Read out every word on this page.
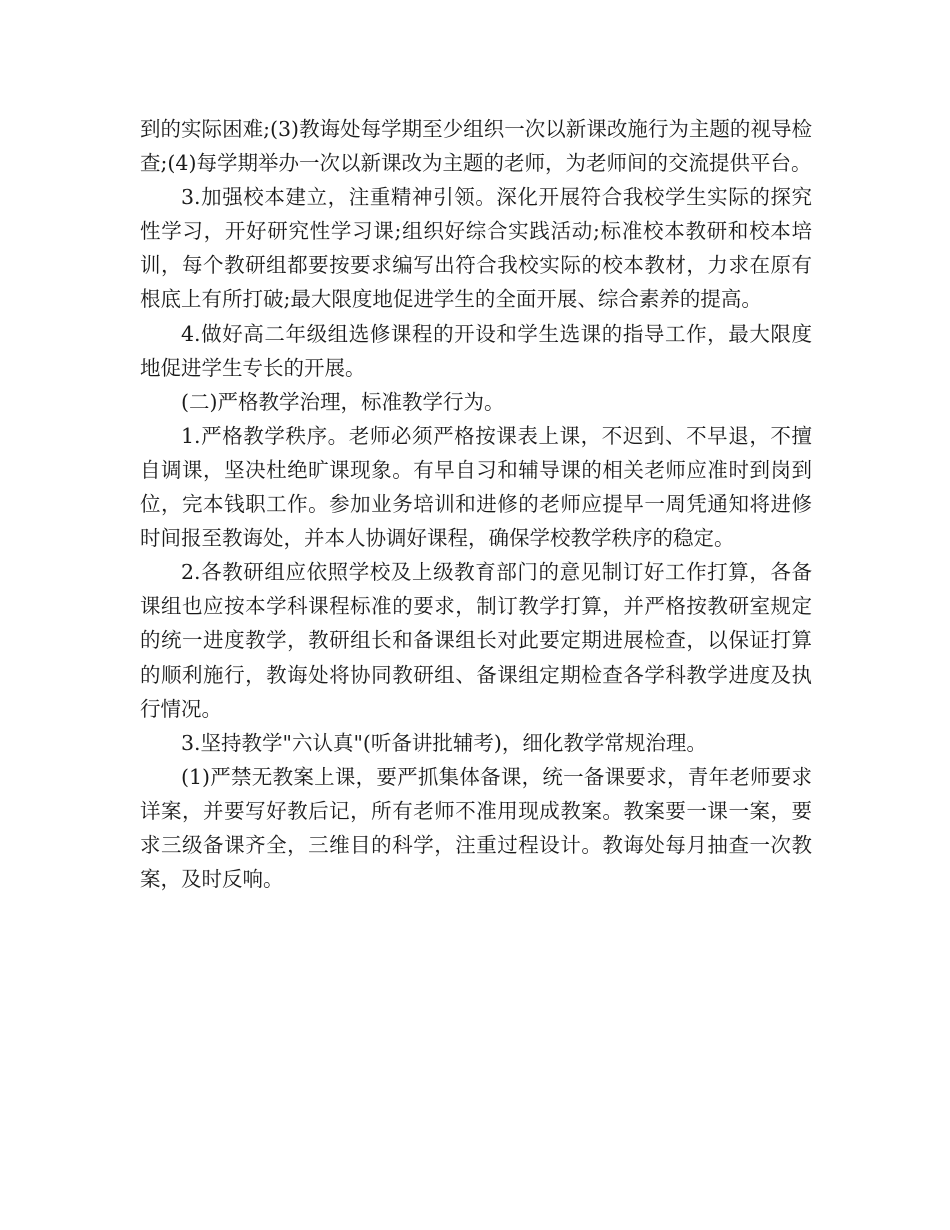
到的实际困难;(3)教诲处每学期至少组织一次以新课改施行为主题的视导检查;(4)每学期举办一次以新课改为主题的老师，为老师间的交流提供平台。

3.加强校本建立，注重精神引领。深化开展符合我校学生实际的探究性学习，开好研究性学习课;组织好综合实践活动;标准校本教研和校本培训，每个教研组都要按要求编写出符合我校实际的校本教材，力求在原有根底上有所打破;最大限度地促进学生的全面开展、综合素养的提高。

4.做好高二年级组选修课程的开设和学生选课的指导工作，最大限度地促进学生专长的开展。

(二)严格教学治理，标准教学行为。

1.严格教学秩序。老师必须严格按课表上课，不迟到、不早退，不擅自调课，坚决杜绝旷课现象。有早自习和辅导课的相关老师应准时到岗到位，完本钱职工作。参加业务培训和进修的老师应提早一周凭通知将进修时间报至教诲处，并本人协调好课程，确保学校教学秩序的稳定。

2.各教研组应依照学校及上级教育部门的意见制订好工作打算，各备课组也应按本学科课程标准的要求，制订教学打算，并严格按教研室规定的统一进度教学，教研组长和备课组长对此要定期进展检查，以保证打算的顺利施行，教诲处将协同教研组、备课组定期检查各学科教学进度及执行情况。

3.坚持教学"六认真"(听备讲批辅考)，细化教学常规治理。

(1)严禁无教案上课，要严抓集体备课，统一备课要求，青年老师要求详案，并要写好教后记，所有老师不准用现成教案。教案要一课一案，要求三级备课齐全，三维目的科学，注重过程设计。教诲处每月抽查一次教案，及时反响。
